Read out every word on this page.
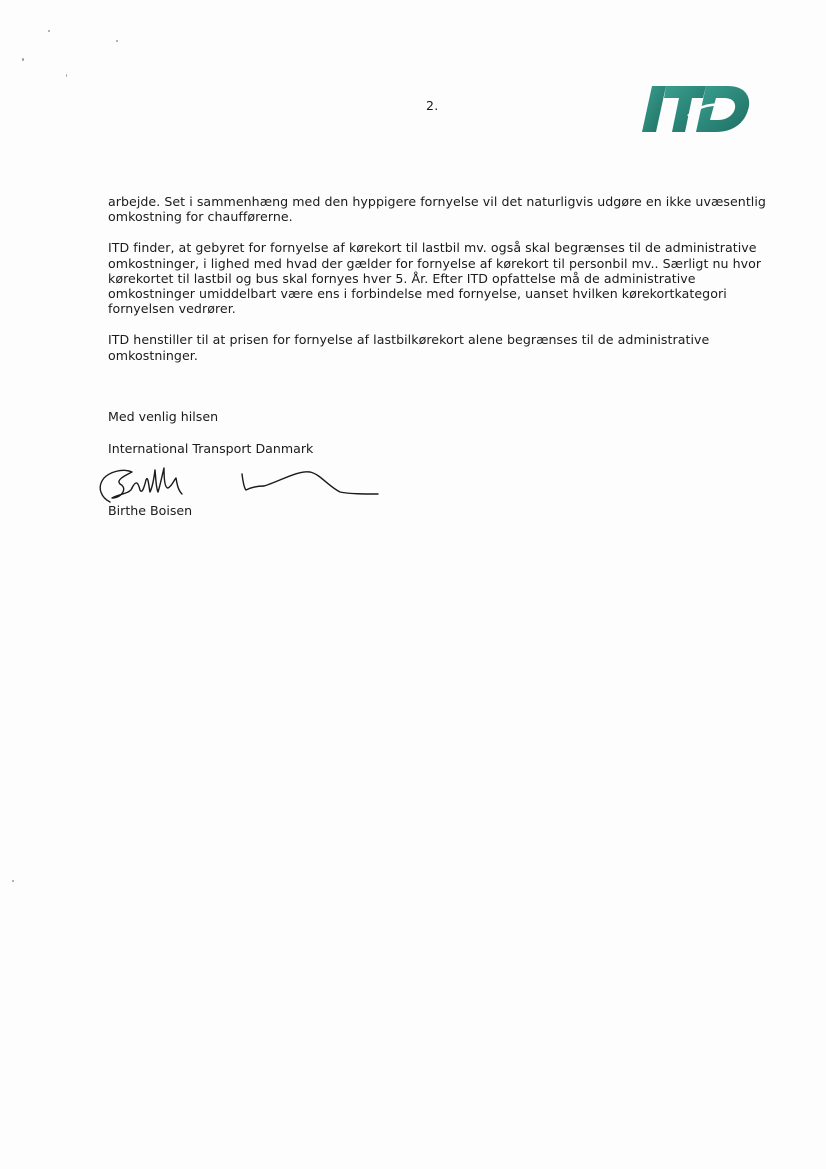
2.

arbejde. Set i sammenhæng med den hyppigere fornyelse vil det naturligvis udgøre en ikke uvæsentlig omkostning for chaufførerne.

ITD finder, at gebyret for fornyelse af kørekort til lastbil mv. også skal begrænses til de administrative omkostninger, i lighed med hvad der gælder for fornyelse af kørekort til personbil mv.. Særligt nu hvor kørekortet til lastbil og bus skal fornyes hver 5. År. Efter ITD opfattelse må de administrative omkostninger umiddelbart være ens i forbindelse med fornyelse, uanset hvilken kørekortkategori fornyelsen vedrører.

ITD henstiller til at prisen for fornyelse af lastbilkørekort alene begrænses til de administrative omkostninger.

Med venlig hilsen
International Transport Danmark
Birthe Boisen
